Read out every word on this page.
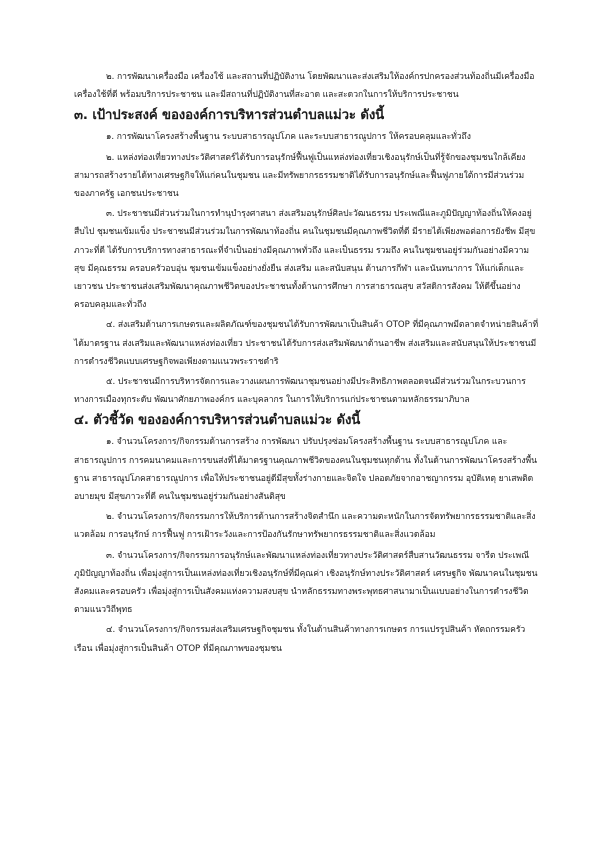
๒. การพัฒนาเครื่องมือ เครื่องใช้ และสถานที่ปฏิบัติงาน โดยพัฒนาและส่งเสริมให้องค์กรปกครองส่วนท้องถิ่นมีเครื่องมือ เครื่องใช้ที่ดี พร้อมบริการประชาชน และมีสถานที่ปฏิบัติงานที่สะอาด และสะดวกในการให้บริการประชาชน

๓. เป้าประสงค์ ขององค์การบริหารส่วนตำบลแม่วะ ดังนี้

๑. การพัฒนาโครงสร้างพื้นฐาน ระบบสาธารณูปโภค และระบบสาธารณูปการ ให้ครอบคลุมและทั่วถึง

๒. แหล่งท่องเที่ยวทางประวัติศาสตร์ได้รับการอนุรักษ์ฟื้นฟูเป็นแหล่งท่องเที่ยวเชิงอนุรักษ์เป็นที่รู้จักของชุมชนใกล้เคียง สามารถสร้างรายได้ทางเศรษฐกิจให้แก่คนในชุมชน และมีทรัพยากรธรรมชาติได้รับการอนุรักษ์และฟื้นฟูภายใต้การมีส่วนร่วมของภาครัฐ เอกชนประชาชน

๓. ประชาชนมีส่วนร่วมในการทำนุบำรุงศาสนา ส่งเสริมอนุรักษ์ศิลปะวัฒนธรรม ประเพณีและภูมิปัญญาท้องถิ่นให้คงอยู่สืบไป ชุมชนเข้มแข็ง ประชาชนมีส่วนร่วมในการพัฒนาท้องถิ่น คนในชุมชนมีคุณภาพชีวิตที่ดี มีรายได้เพียงพอต่อการยังชีพ มีสุขภาวะที่ดี ได้รับการบริการทางสาธารณะที่จำเป็นอย่างมีคุณภาพทั่วถึง และเป็นธรรม รวมถึง คนในชุมชนอยู่ร่วมกันอย่างมีความสุข มีคุณธรรม ครอบครัวอบอุ่น ชุมชนเข้มแข็งอย่างยั่งยืน ส่งเสริม และสนับสนุน ด้านการกีฬา และนันทนาการ ให้แก่เด็กและเยาวชน ประชาชนส่งเสริมพัฒนาคุณภาพชีวิตของประชาชนทั้งด้านการศึกษา การสาธารณสุข สวัสดิการสังคม ให้ดีขึ้นอย่างครอบคลุมและทั่วถึง

๔. ส่งเสริมด้านการเกษตรและผลิตภัณฑ์ของชุมชนได้รับการพัฒนาเป็นสินค้า OTOP ที่มีคุณภาพมีตลาดจำหน่ายสินค้าที่ได้มาตรฐาน ส่งเสริมและพัฒนาแหล่งท่องเที่ยว ประชาชนได้รับการส่งเสริมพัฒนาด้านอาชีพ ส่งเสริมและสนับสนุนให้ประชาชนมีการดำรงชีวิตแบบเศรษฐกิจพอเพียงตามแนวพระราชดำริ

๕. ประชาชนมีการบริหารจัดการและวางแผนการพัฒนาชุมชนอย่างมีประสิทธิภาพตลอดจนมีส่วนร่วมในกระบวนการทางการเมืองทุกระดับ พัฒนาศักยภาพองค์กร และบุคลากร ในการให้บริการแก่ประชาชนตามหลักธรรมาภิบาล

๔. ตัวชี้วัด ขององค์การบริหารส่วนตำบลแม่วะ ดังนี้

๑. จำนวนโครงการ/กิจกรรมด้านการสร้าง การพัฒนา ปรับปรุงซ่อมโครงสร้างพื้นฐาน ระบบสาธารณูปโภค และสาธารณูปการ การคมนาคมและการขนส่งที่ได้มาตรฐานคุณภาพชีวิตของคนในชุมชนทุกด้าน ทั้งในด้านการพัฒนาโครงสร้างพื้นฐาน สาธารณูปโภคสาธารณูปการ เพื่อให้ประชาชนอยู่ดีมีสุขทั้งร่างกายและจิตใจ ปลอดภัยจากอาชญากรรม อุบัติเหตุ ยาเสพติด อบายมุข มีสุขภาวะที่ดี คนในชุมชนอยู่ร่วมกันอย่างสันติสุข

๒. จำนวนโครงการ/กิจกรรมการให้บริการด้านการสร้างจิตสำนึก และความตะหนักในการจัดทรัพยากรธรรมชาติและสิ่งแวดล้อม การอนุรักษ์ การฟื้นฟู การเฝ้าระวังและการป้องกันรักษาทรัพยากรธรรมชาติและสิ่งแวดล้อม

๓. จำนวนโครงการ/กิจกรรมการอนุรักษ์และพัฒนาแหล่งท่องเที่ยวทางประวัติศาสตร์สืบสานวัฒนธรรม จารีต ประเพณีภูมิปัญญาท้องถิ่น เพื่อมุ่งสู่การเป็นแหล่งท่องเที่ยวเชิงอนุรักษ์ที่มีคุณค่า เชิงอนุรักษ์ทางประวัติศาสตร์ เศรษฐกิจ พัฒนาคนในชุมชน สังคมและครอบครัว เพื่อมุ่งสู่การเป็นสังคมแห่งความสงบสุข นำหลักธรรมทางพระพุทธศาสนามาเป็นแบบอย่างในการดำรงชีวิตตามแนววิถีพุทธ

๔. จำนวนโครงการ/กิจกรรมส่งเสริมเศรษฐกิจชุมชน ทั้งในด้านสินค้าทางการเกษตร การแปรรูปสินค้า หัตถกรรมครัวเรือน เพื่อมุ่งสู่การเป็นสินค้า OTOP ที่มีคุณภาพของชุมชน
